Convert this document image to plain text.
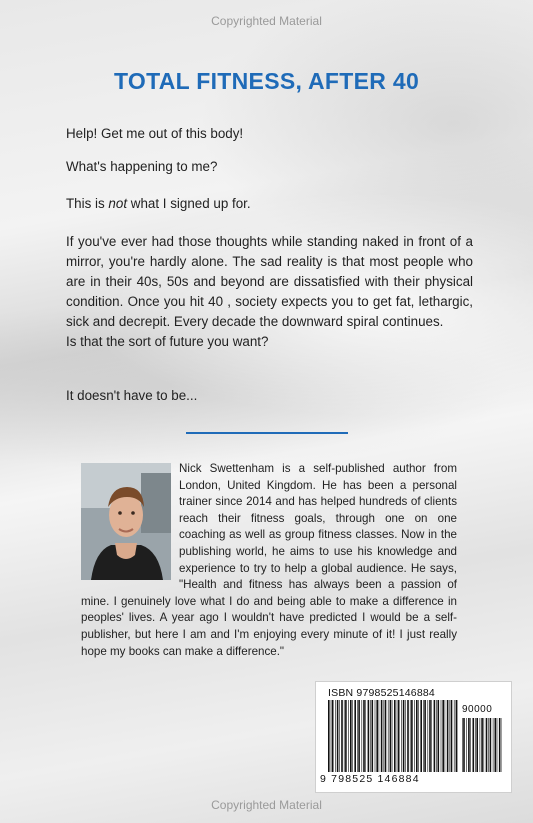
Copyrighted Material
TOTAL FITNESS, AFTER 40

Help! Get me out of this body!

What's happening to me?

This is not what I signed up for.

If you've ever had those thoughts while standing naked in front of a mirror, you're hardly alone. The sad reality is that most people who are in their 40s, 50s and beyond are dissatisfied with their physical condition. Once you hit 40 , society expects you to get fat, lethargic, sick and decrepit. Every decade the downward spiral continues.
Is that the sort of future you want?

It doesn't have to be...

Nick Swettenham is a self-published author from London, United Kingdom. He has been a personal trainer since 2014 and has helped hundreds of clients reach their fitness goals, through one on one coaching as well as group fitness classes. Now in the publishing world, he aims to use his knowledge and experience to try to help a global audience. He says, "Health and fitness has always been a passion of mine. I genuinely love what I do and being able to make a difference in peoples' lives. A year ago I wouldn't have predicted I would be a self-publisher, but here I am and I'm enjoying every minute of it! I just really hope my books can make a difference."

ISBN 9798525146884
90000
9 798525 146884
Copyrighted Material
